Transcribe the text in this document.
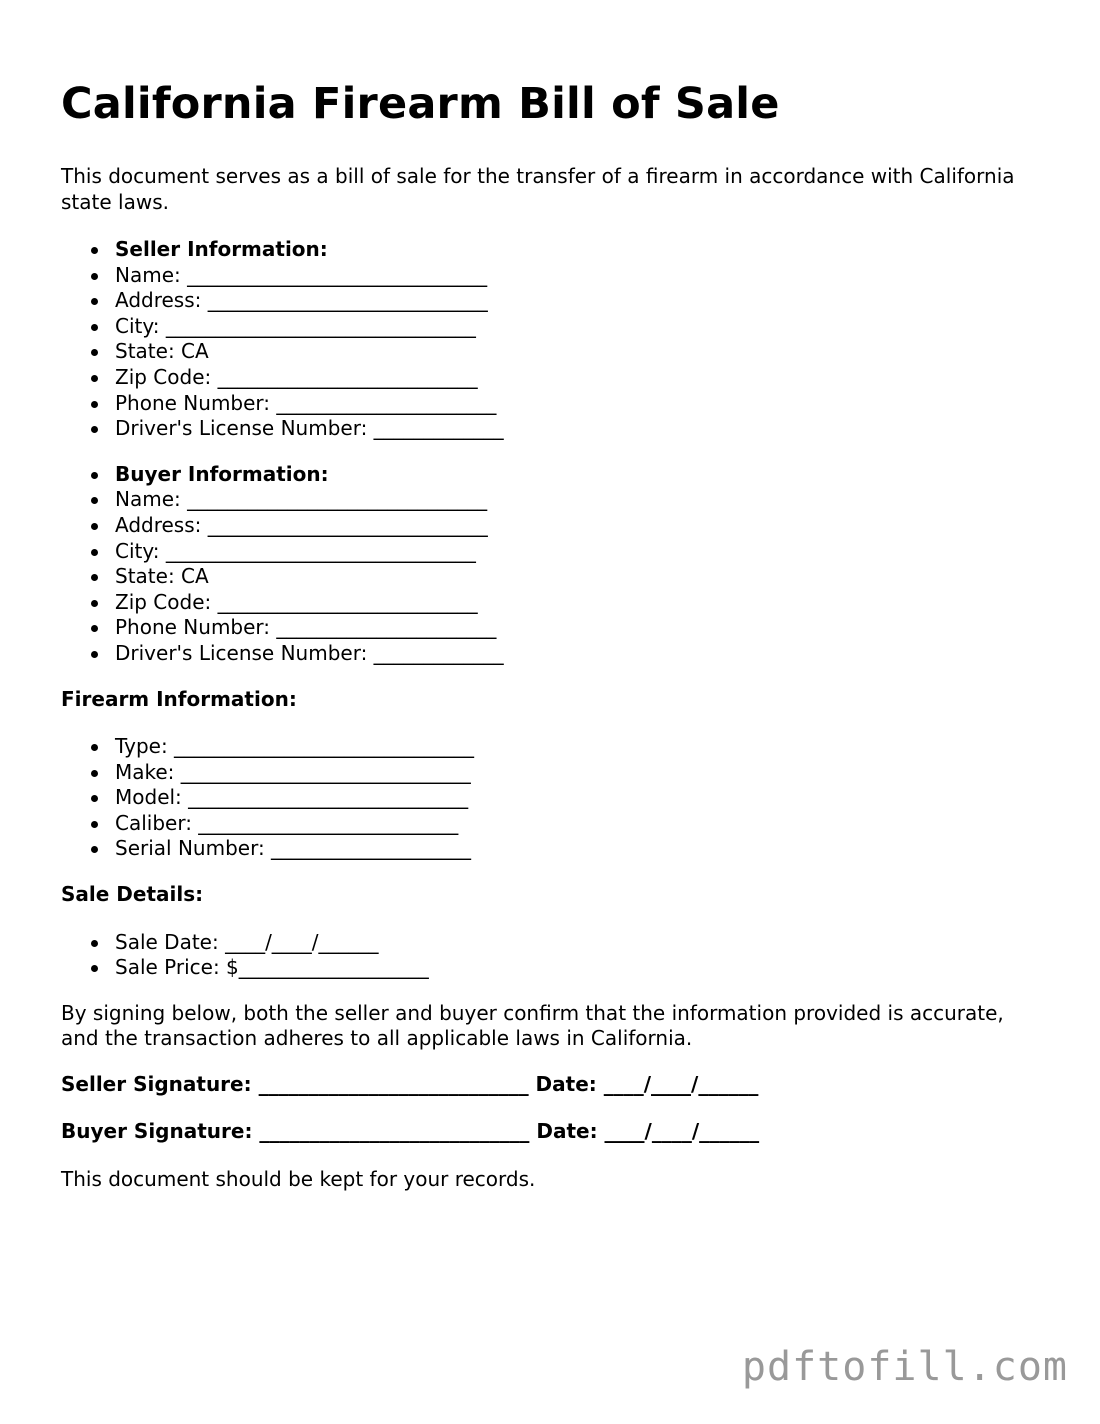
California Firearm Bill of Sale

This document serves as a bill of sale for the transfer of a firearm in accordance with California state laws.

Seller Information:
Name: ______________________________
Address: ____________________________
City: _______________________________
State: CA
Zip Code: __________________________
Phone Number: ______________________
Driver's License Number: _____________
Buyer Information:
Name: ______________________________
Address: ____________________________
City: _______________________________
State: CA
Zip Code: __________________________
Phone Number: ______________________
Driver's License Number: _____________
Firearm Information:
Type: ______________________________
Make: _____________________________
Model: ____________________________
Caliber: __________________________
Serial Number: ____________________
Sale Details:
Sale Date: ____/____/______
Sale Price: $___________________

By signing below, both the seller and buyer confirm that the information provided is accurate, and the transaction adheres to all applicable laws in California.

Seller Signature: ___________________________ Date: ____/____/______
Buyer Signature: ___________________________ Date: ____/____/______

This document should be kept for your records.

pdftofill.com
